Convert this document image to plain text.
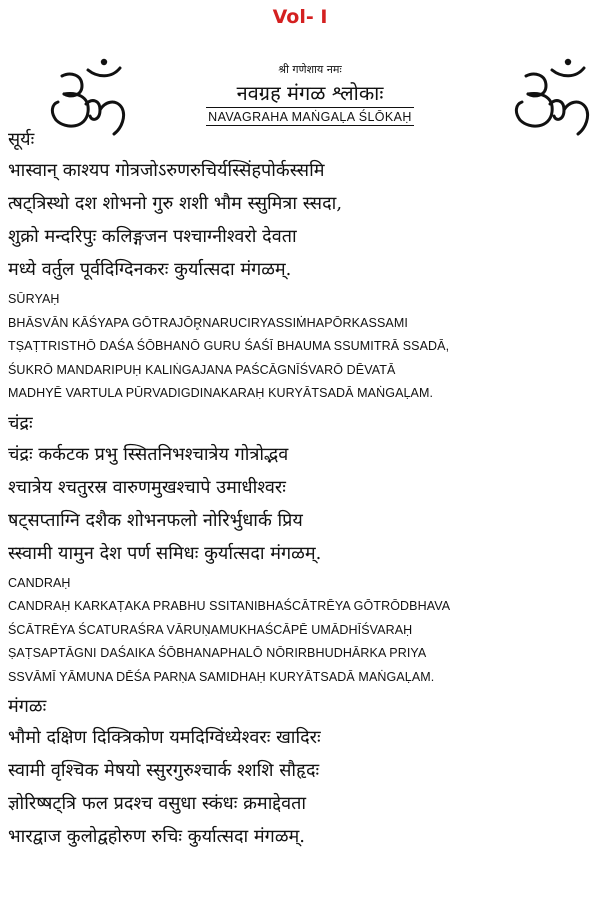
Vol- I
श्री गणेशाय नमः
नवग्रह मंगळ श्लोकाः
NAVAGRAHA MAṄGAḶA ŚLŌKAḤ
सूर्यः
भास्वान् काश्यप गोत्रजोऽरुणरुचिर्यस्सिंहपोर्कस्समि
त्षट्त्रिस्थो दश शोभनो गुरु शशी भौम स्सुमित्रा स्सदा,
शुक्रो मन्दरिपुः कलिङ्गजन पश्चाग्नीश्वरो देवता
मध्ये वर्तुल पूर्वदिग्दिनकरः कुर्यात्सदा मंगळम्.
SŪRYAḤ
BHĀSVĀN KĀŚYAPA GŌTRAJŌR̥NARUCIRYASSIṀHAPŌRKASSAMI
TṢAṬTRISTHŌ DAŚA ŚŌBHANŌ GURU ŚAŚĪ BHAUMA SSUMITRĀ SSADĀ,
ŚUKRŌ MANDARIPUḤ KALIṄGAJANA PAŚCĀGNĪŚVARŌ DĒVATĀ
MADHYĒ VARTULA PŪRVADIGDINAKARAḤ KURYĀTSADĀ MAṄGAḶAM.
चंद्रः
चंद्रः कर्कटक प्रभु स्सितनिभश्चात्रेय गोत्रोद्भव
श्चात्रेय श्चतुरस्र वारुणमुखश्चापे उमाधीश्वरः
षट्सप्ताग्नि दशैक शोभनफलो नोरिर्भुधार्क प्रिय
स्स्वामी यामुन देश पर्ण समिधः कुर्यात्सदा मंगळम्.
CANDRAḤ
CANDRAḤ KARKAṬAKA PRABHU SSITANIBHAŚCĀTRĒYA GŌTRŌDBHAVA
ŚCĀTRĒYA ŚCATURAŚRA VĀRUṆAMUKHAŚCĀPĒ UMĀDHĪŚVARAḤ
ṢAṬSAPTĀGNI DAŚAIKA ŚŌBHANAPHALŌ NŌRIRBHUDHĀRKA PRIYA
SSVĀMĪ YĀMUNA DĒŚA PARṆA SAMIDHAḤ KURYĀTSADĀ MAṄGAḶAM.
मंगळः
भौमो दक्षिण दिक्त्रिकोण यमदिग्विंध्येश्वरः खादिरः
स्वामी वृश्चिक मेषयो स्सुरगुरुश्चार्क श्शशि सौहृदः
ज्ञोरिष्षट्त्रि फल प्रदश्च वसुधा स्कंधः क्रमाद्देवता
भारद्वाज कुलोद्वहोरुण रुचिः कुर्यात्सदा मंगळम्.
